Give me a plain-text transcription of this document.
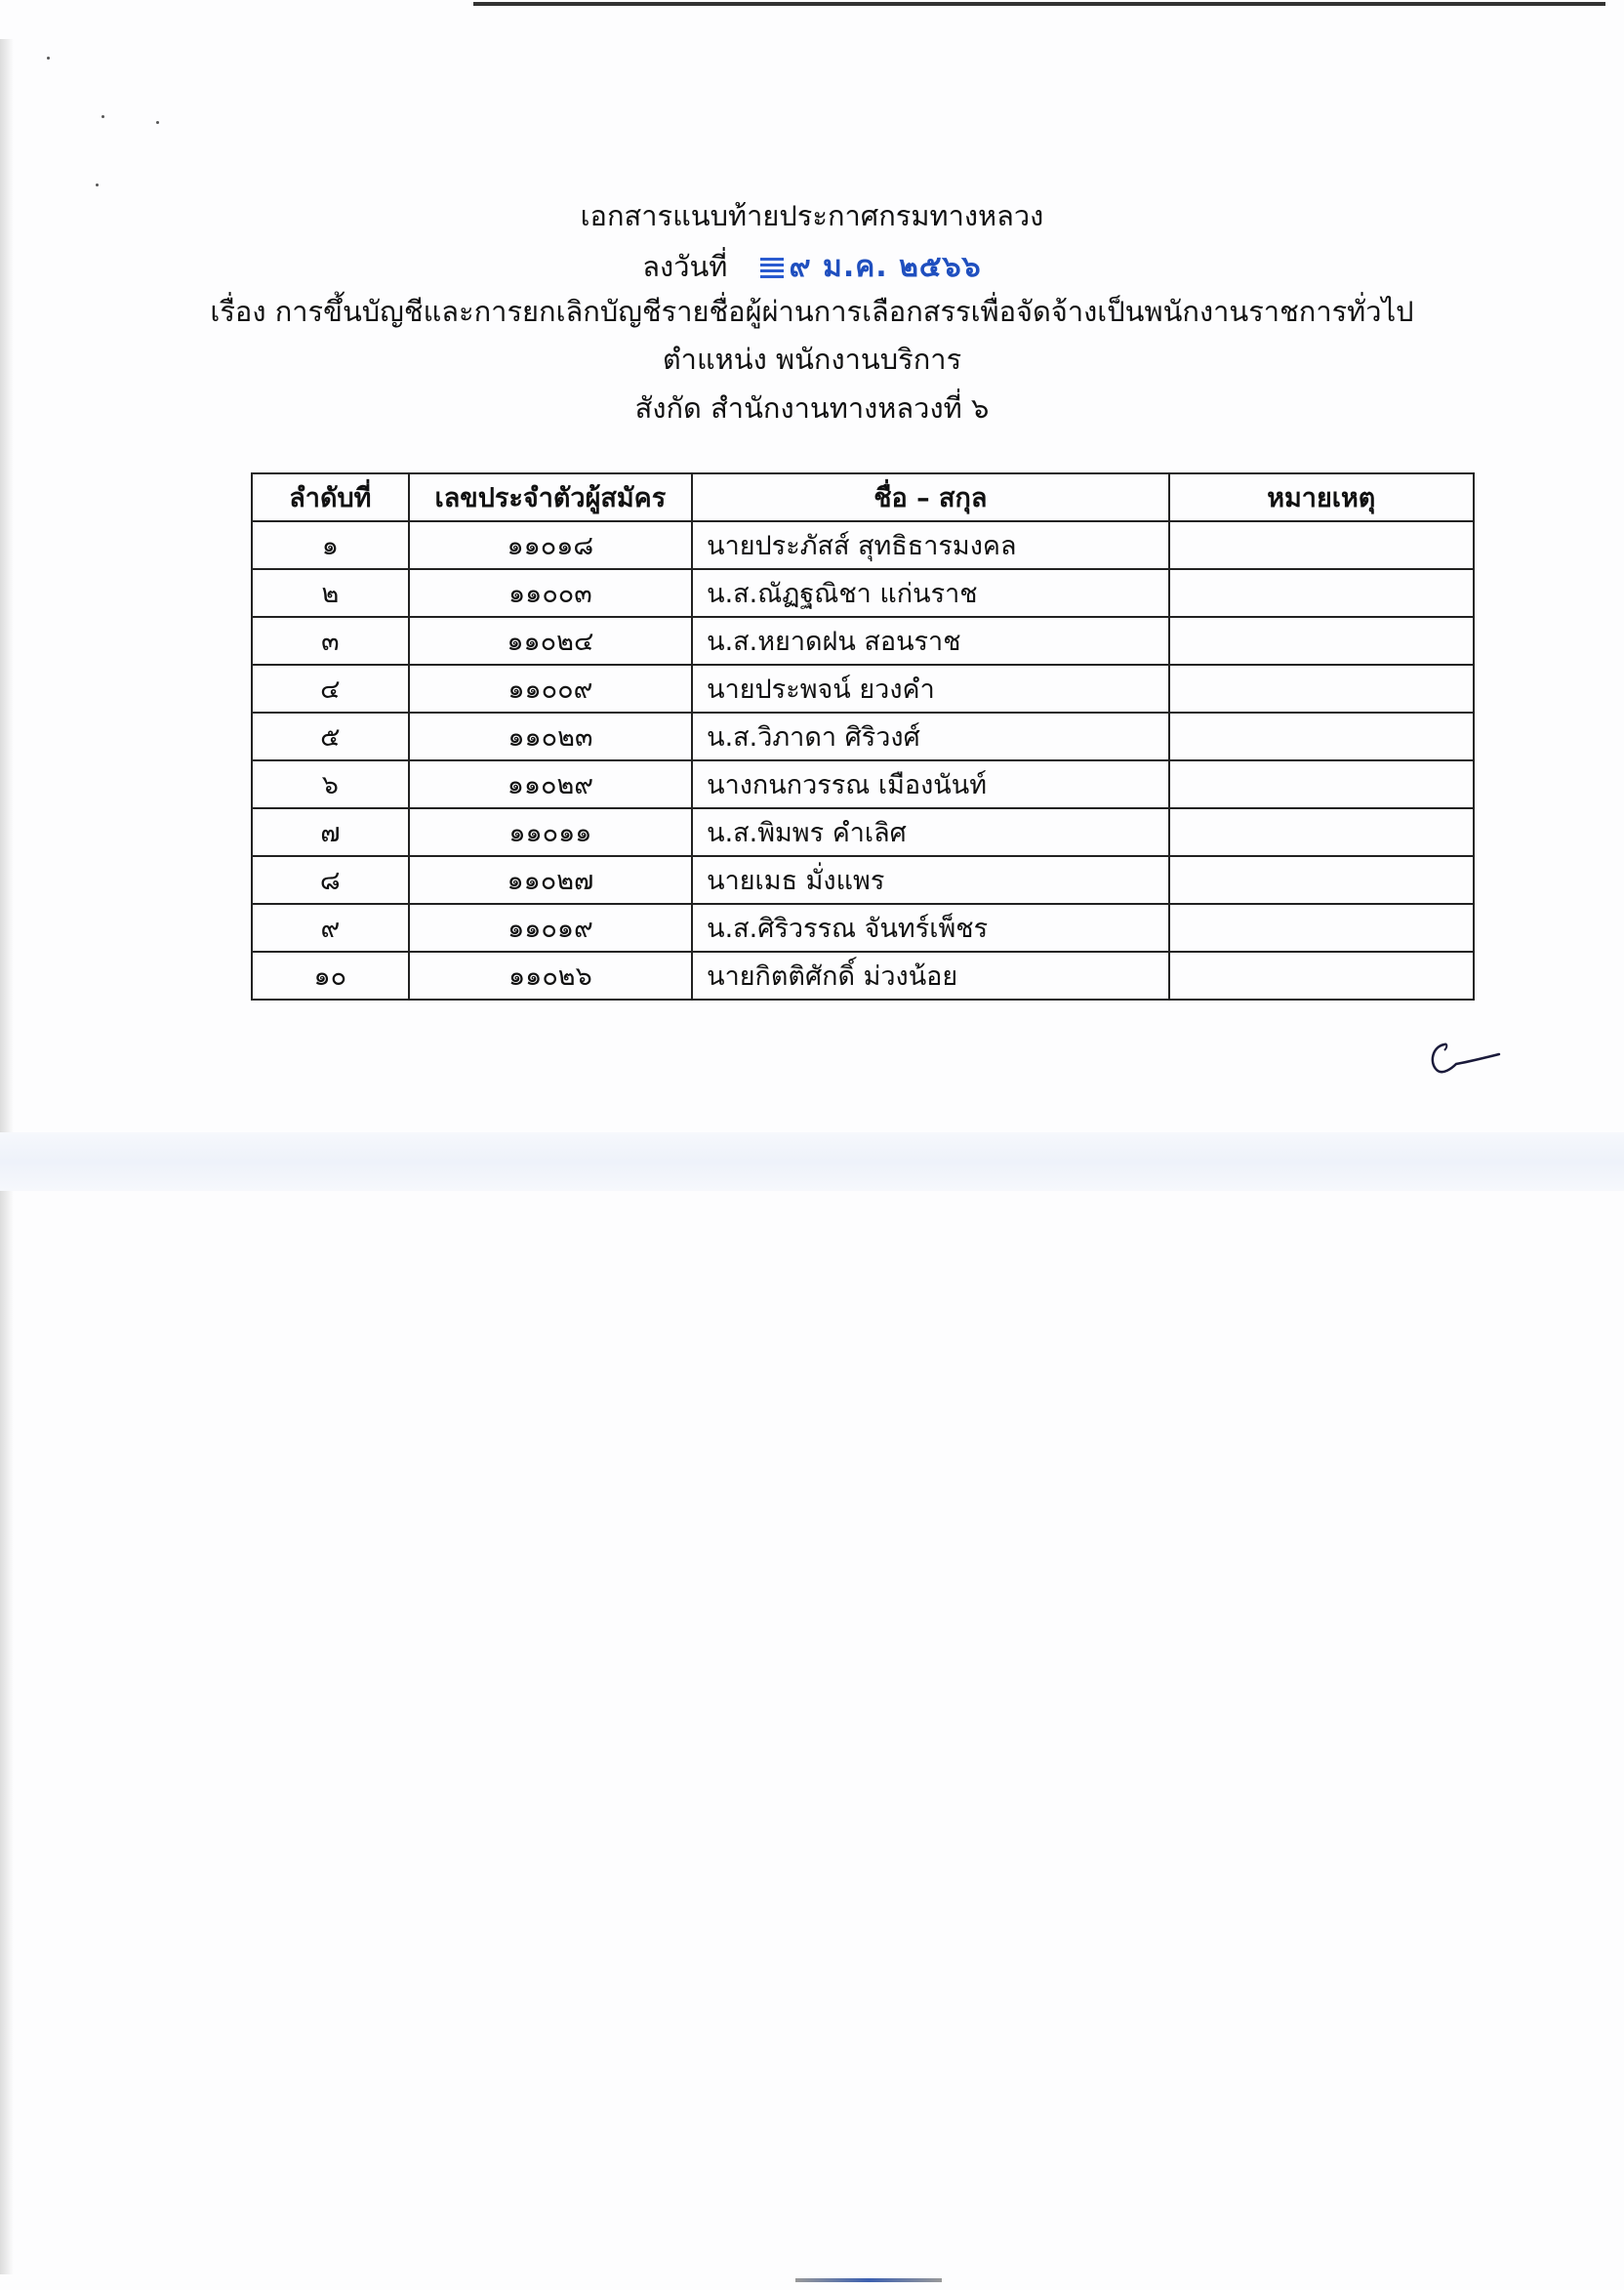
เอกสารแนบท้ายประกาศกรมทางหลวง
ลงวันที่ ๙ ม.ค. ๒๕๖๖
เรื่อง การขึ้นบัญชีและการยกเลิกบัญชีรายชื่อผู้ผ่านการเลือกสรรเพื่อจัดจ้างเป็นพนักงานราชการทั่วไป
ตำแหน่ง พนักงานบริการ
สังกัด สำนักงานทางหลวงที่ ๖
ลำดับที่	เลขประจำตัวผู้สมัคร	ชื่อ – สกุล	หมายเหตุ
๑	๑๑๐๑๘	นายประภัสส์ สุทธิธารมงคล	
๒	๑๑๐๐๓	น.ส.ณัฏฐณิชา แก่นราช	
๓	๑๑๐๒๔	น.ส.หยาดฝน สอนราช	
๔	๑๑๐๐๙	นายประพจน์ ยวงคำ	
๕	๑๑๐๒๓	น.ส.วิภาดา ศิริวงศ์	
๖	๑๑๐๒๙	นางกนกวรรณ เมืองนันท์	
๗	๑๑๐๑๑	น.ส.พิมพร คำเลิศ	
๘	๑๑๐๒๗	นายเมธ มั่งแพร	
๙	๑๑๐๑๙	น.ส.ศิริวรรณ จันทร์เพ็ชร	
๑๐	๑๑๐๒๖	นายกิตติศักดิ์ ม่วงน้อย	
